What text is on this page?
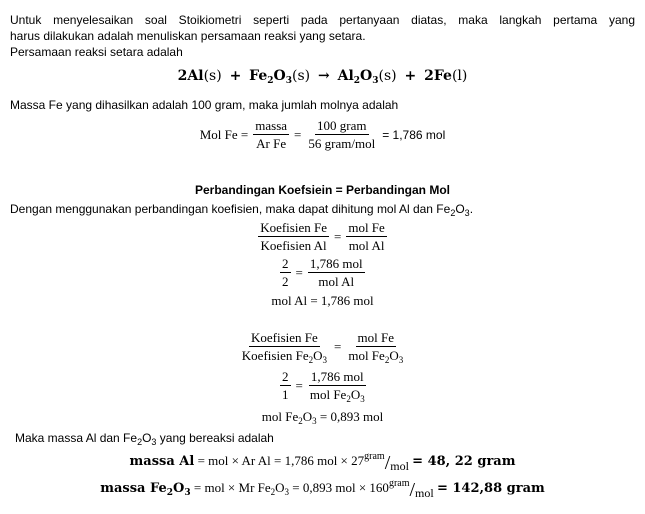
Untuk menyelesaikan soal Stoikiometri seperti pada pertanyaan diatas, maka langkah pertama yang
harus dilakukan adalah menuliskan persamaan reaksi yang setara.
Persamaan reaksi setara adalah
$2Al(s) + Fe_2O_3(s) \to Al_2O_3(s) + 2Fe(l)$
Massa Fe yang dihasilkan adalah 100 gram, maka jumlah molnya adalah
Mol $Fe = \frac{\text{massa}}{\text{Ar Fe}} = \frac{\text{100 gram}}{\text{56 gram/mol}} = 1,786$ mol
Perbandingan Koefsiein = Perbandingan Mol
Dengan menggunakan perbandingan koefisien, maka dapat dihitung mol Al dan $Fe_2O_3$.
$\frac{\text{Koefisien Fe}}{\text{Koefisien Al}} = \frac{\text{mol Fe}}{\text{mol Al}}$
$\frac{2}{2} = \frac{\text{1,786 mol}}{\text{mol Al}}$
mol Al = 1,786 mol
$\frac{\text{Koefisien Fe}}{Koefisien Fe_2O_3} = \frac{\text{mol Fe}}{mol Fe_2O_3}$
$\frac{2}{1} = \frac{\text{1,786 mol}}{mol Fe_2O_3}$
mol $Fe_2O_3 = 0,893$ mol
Maka massa Al dan $Fe_2O_3$ yang bereaksi adalah
massa Al = mol × Ar Al = 1,786 mol × $27^{gram}/_{mol} = 48$, 22 gram
massa $Fe_2O_3$ = mol × Mr $Fe_2O_3 = 0,893$ mol × $160^{gram}/_{mol} = 142,88$ gram
